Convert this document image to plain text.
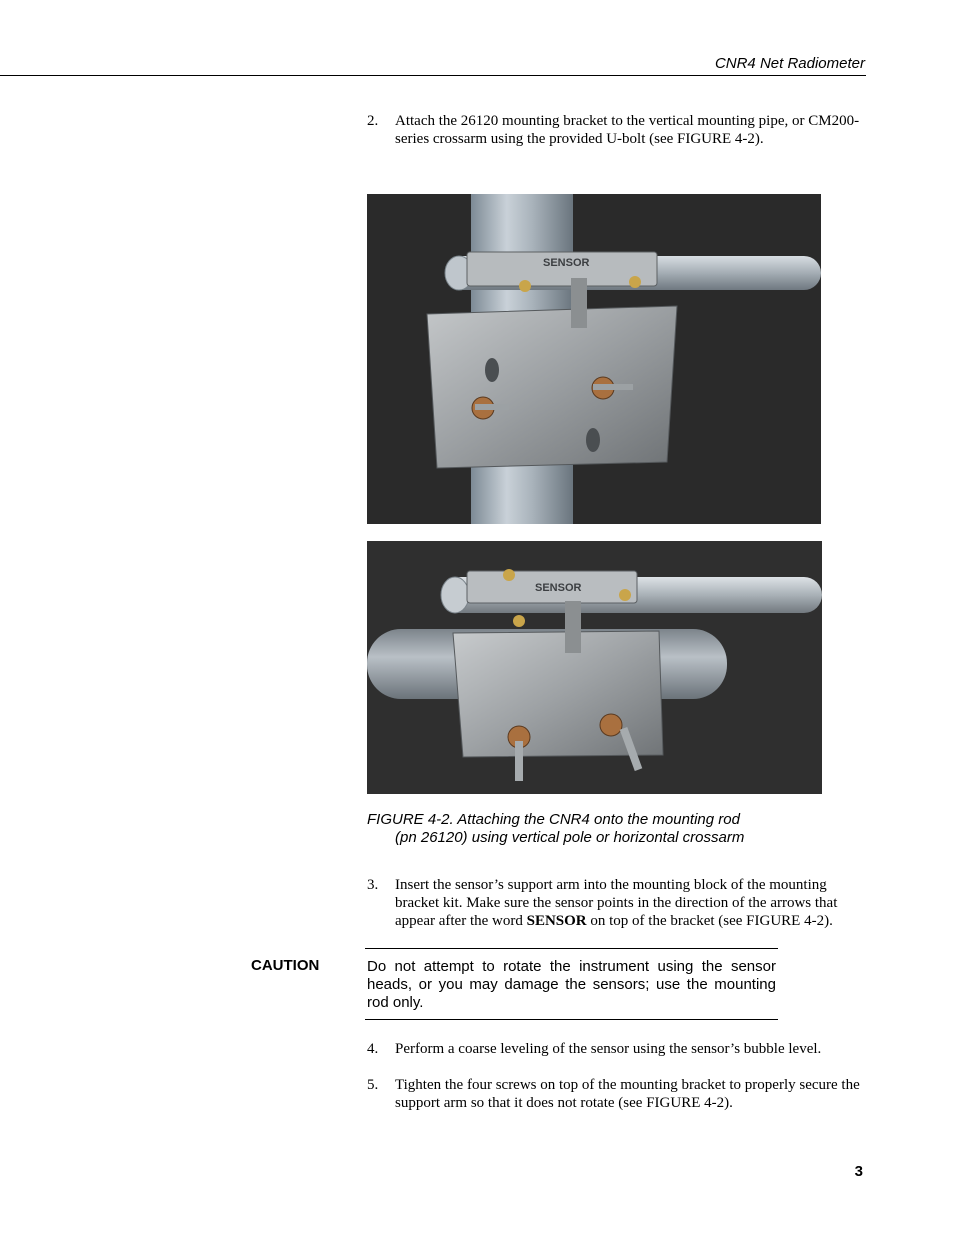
CNR4 Net Radiometer
2. Attach the 26120 mounting bracket to the vertical mounting pipe, or CM200-series crossarm using the provided U-bolt (see FIGURE 4-2).
SENSOR
SENSOR
FIGURE 4-2. Attaching the CNR4 onto the mounting rod
(pn 26120) using vertical pole or horizontal crossarm
3. Insert the sensor’s support arm into the mounting block of the mounting bracket kit. Make sure the sensor points in the direction of the arrows that appear after the word SENSOR on top of the bracket (see FIGURE 4-2).
CAUTION	Do not attempt to rotate the instrument using the sensor heads, or you may damage the sensors; use the mounting rod only.
4. Perform a coarse leveling of the sensor using the sensor’s bubble level.
5. Tighten the four screws on top of the mounting bracket to properly secure the support arm so that it does not rotate (see FIGURE 4-2).
3
